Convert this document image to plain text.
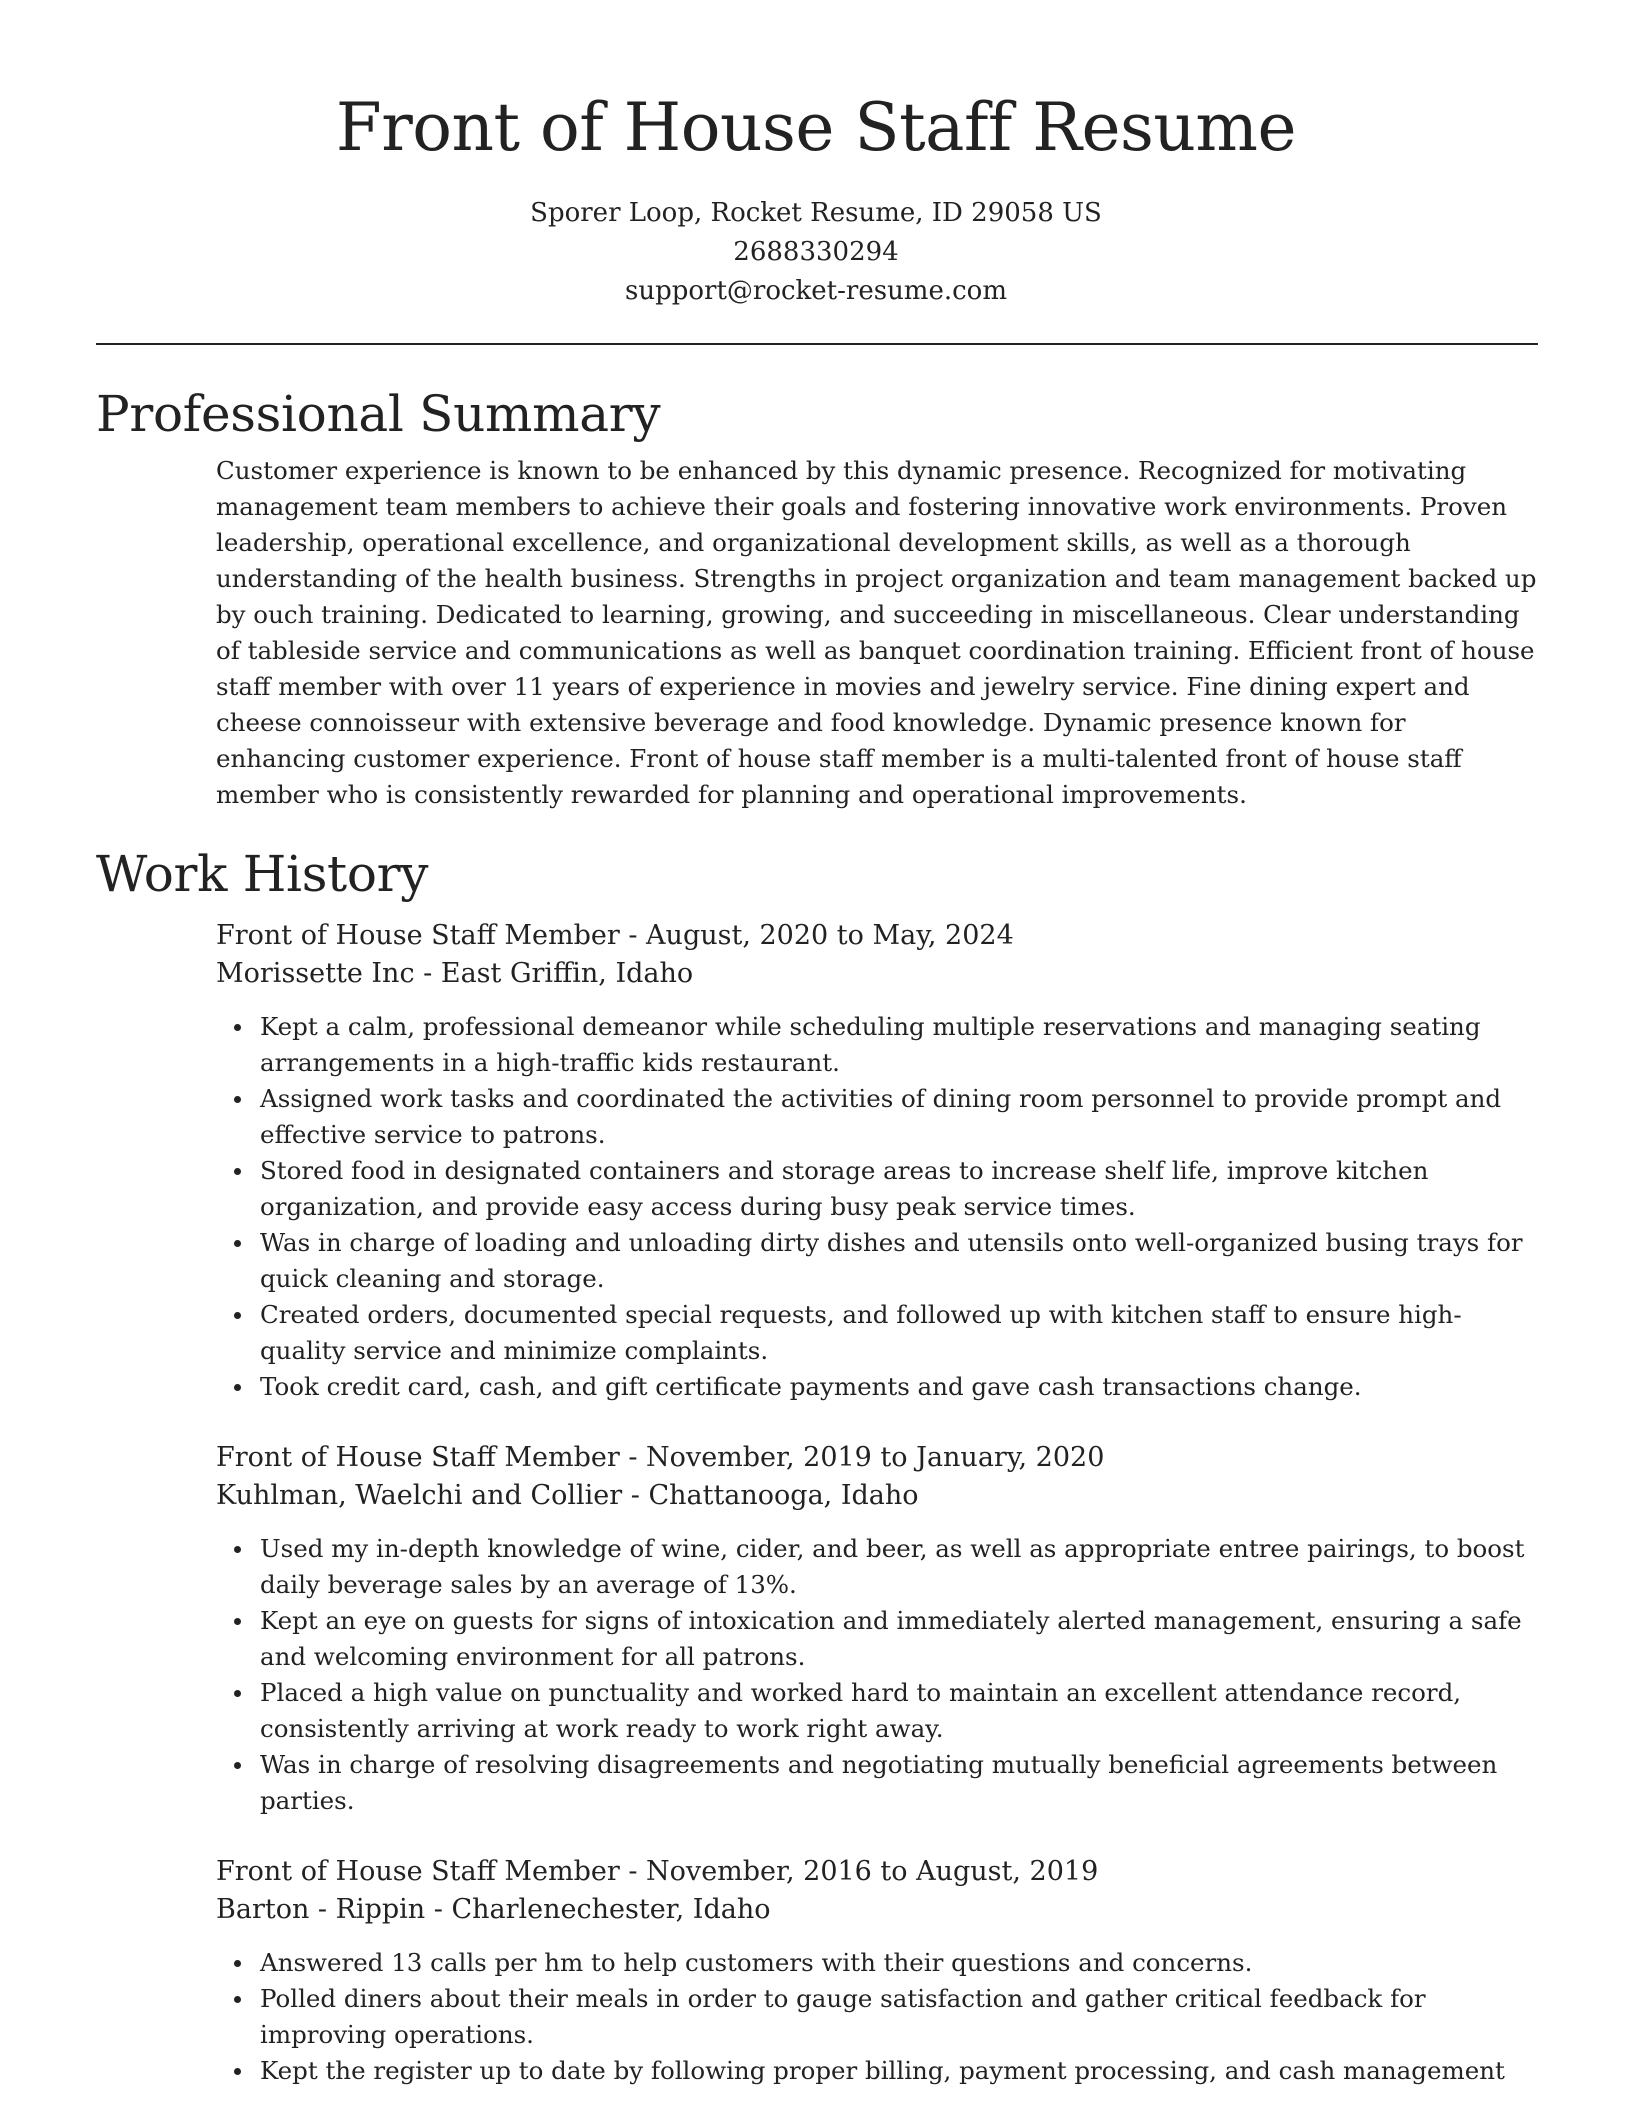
Front of House Staff Resume
Sporer Loop, Rocket Resume, ID 29058 US
2688330294
support@rocket-resume.com
Professional Summary
Customer experience is known to be enhanced by this dynamic presence. Recognized for motivating management team members to achieve their goals and fostering innovative work environments. Proven leadership, operational excellence, and organizational development skills, as well as a thorough understanding of the health business. Strengths in project organization and team management backed up by ouch training. Dedicated to learning, growing, and succeeding in miscellaneous. Clear understanding of tableside service and communications as well as banquet coordination training. Efficient front of house staff member with over 11 years of experience in movies and jewelry service. Fine dining expert and cheese connoisseur with extensive beverage and food knowledge. Dynamic presence known for enhancing customer experience. Front of house staff member is a multi-talented front of house staff member who is consistently rewarded for planning and operational improvements.
Work History
Front of House Staff Member - August, 2020 to May, 2024
Morissette Inc - East Griffin, Idaho
Kept a calm, professional demeanor while scheduling multiple reservations and managing seating arrangements in a high-traffic kids restaurant.
Assigned work tasks and coordinated the activities of dining room personnel to provide prompt and effective service to patrons.
Stored food in designated containers and storage areas to increase shelf life, improve kitchen organization, and provide easy access during busy peak service times.
Was in charge of loading and unloading dirty dishes and utensils onto well-organized busing trays for quick cleaning and storage.
Created orders, documented special requests, and followed up with kitchen staff to ensure high-quality service and minimize complaints.
Took credit card, cash, and gift certificate payments and gave cash transactions change.
Front of House Staff Member - November, 2019 to January, 2020
Kuhlman, Waelchi and Collier - Chattanooga, Idaho
Used my in-depth knowledge of wine, cider, and beer, as well as appropriate entree pairings, to boost daily beverage sales by an average of 13%.
Kept an eye on guests for signs of intoxication and immediately alerted management, ensuring a safe and welcoming environment for all patrons.
Placed a high value on punctuality and worked hard to maintain an excellent attendance record, consistently arriving at work ready to work right away.
Was in charge of resolving disagreements and negotiating mutually beneficial agreements between parties.
Front of House Staff Member - November, 2016 to August, 2019
Barton - Rippin - Charlenechester, Idaho
Answered 13 calls per hm to help customers with their questions and concerns.
Polled diners about their meals in order to gauge satisfaction and gather critical feedback for improving operations.
Kept the register up to date by following proper billing, payment processing, and cash management
